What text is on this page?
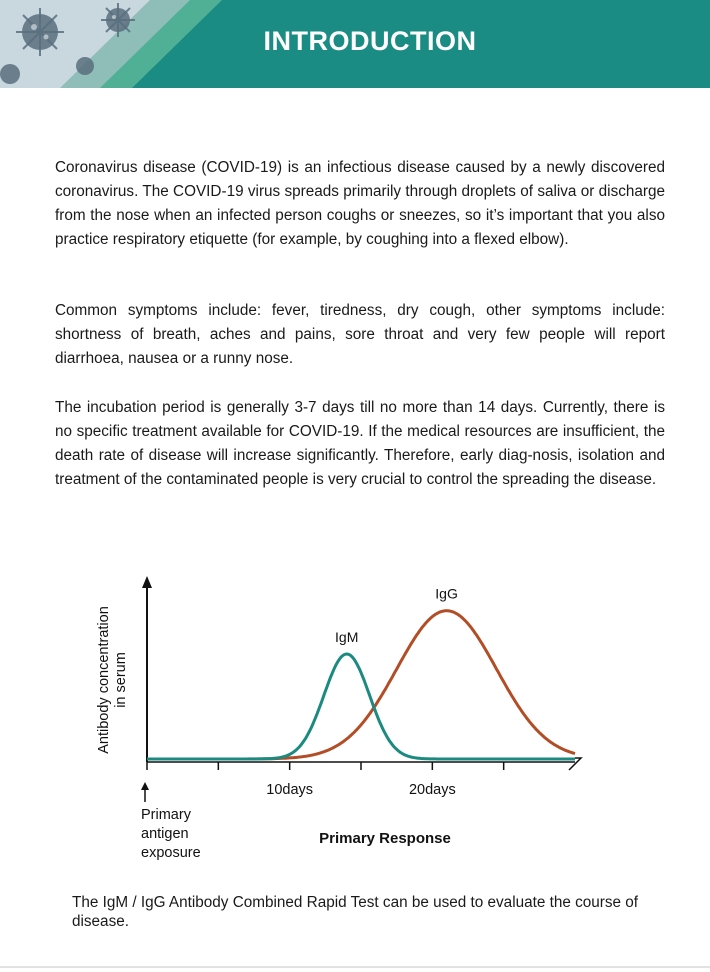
INTRODUCTION

Coronavirus disease (COVID-19) is an infectious disease caused by a newly discovered coronavirus. The COVID-19 virus spreads primarily through droplets of saliva or discharge from the nose when an infected person coughs or sneezes, so it’s important that you also practice respiratory etiquette (for example, by coughing into a flexed elbow).

Common symptoms include: fever, tiredness, dry cough, other symptoms include: shortness of breath, aches and pains, sore throat and very few people will report diarrhoea, nausea or a runny nose.

The incubation period is generally 3-7 days till no more than 14 days. Currently, there is no specific treatment available for COVID-19. If the medical resources are insufficient, the death rate of disease will increase significantly. Therefore, early diag-nosis, isolation and treatment of the contaminated people is very crucial to control the spreading the disease.

Antibody concentration in serum
IgM
IgG
10days	20days
Primary
antigen
exposure
Primary Response

The IgM / IgG Antibody Combined Rapid Test can be used to evaluate the course of disease.
